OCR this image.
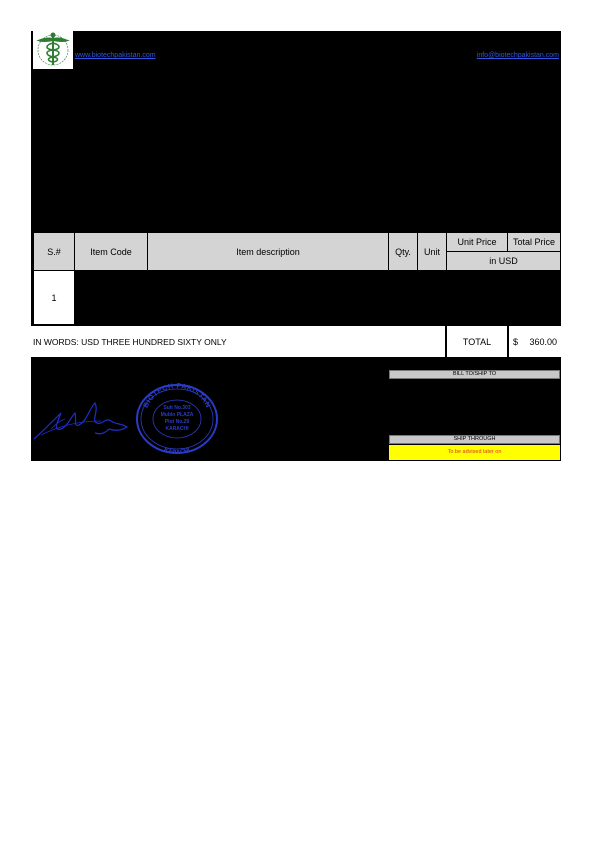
www.biotechpakistan.com	info@biotechpakistan.com
S.#	Item Code	Item description	Qty.	Unit	Unit Price	Total Price
					in USD	
1						
IN WORDS: USD THREE HUNDRED SIXTY ONLY	TOTAL	$ 360.00
BILL TO/SHIP TO
SHIP THROUGH
To be advised later on
BIOTECH PAKISTAN
KARACHI
Suit No.303
Mubin PLAZA
Plot No.29
KARACHI
